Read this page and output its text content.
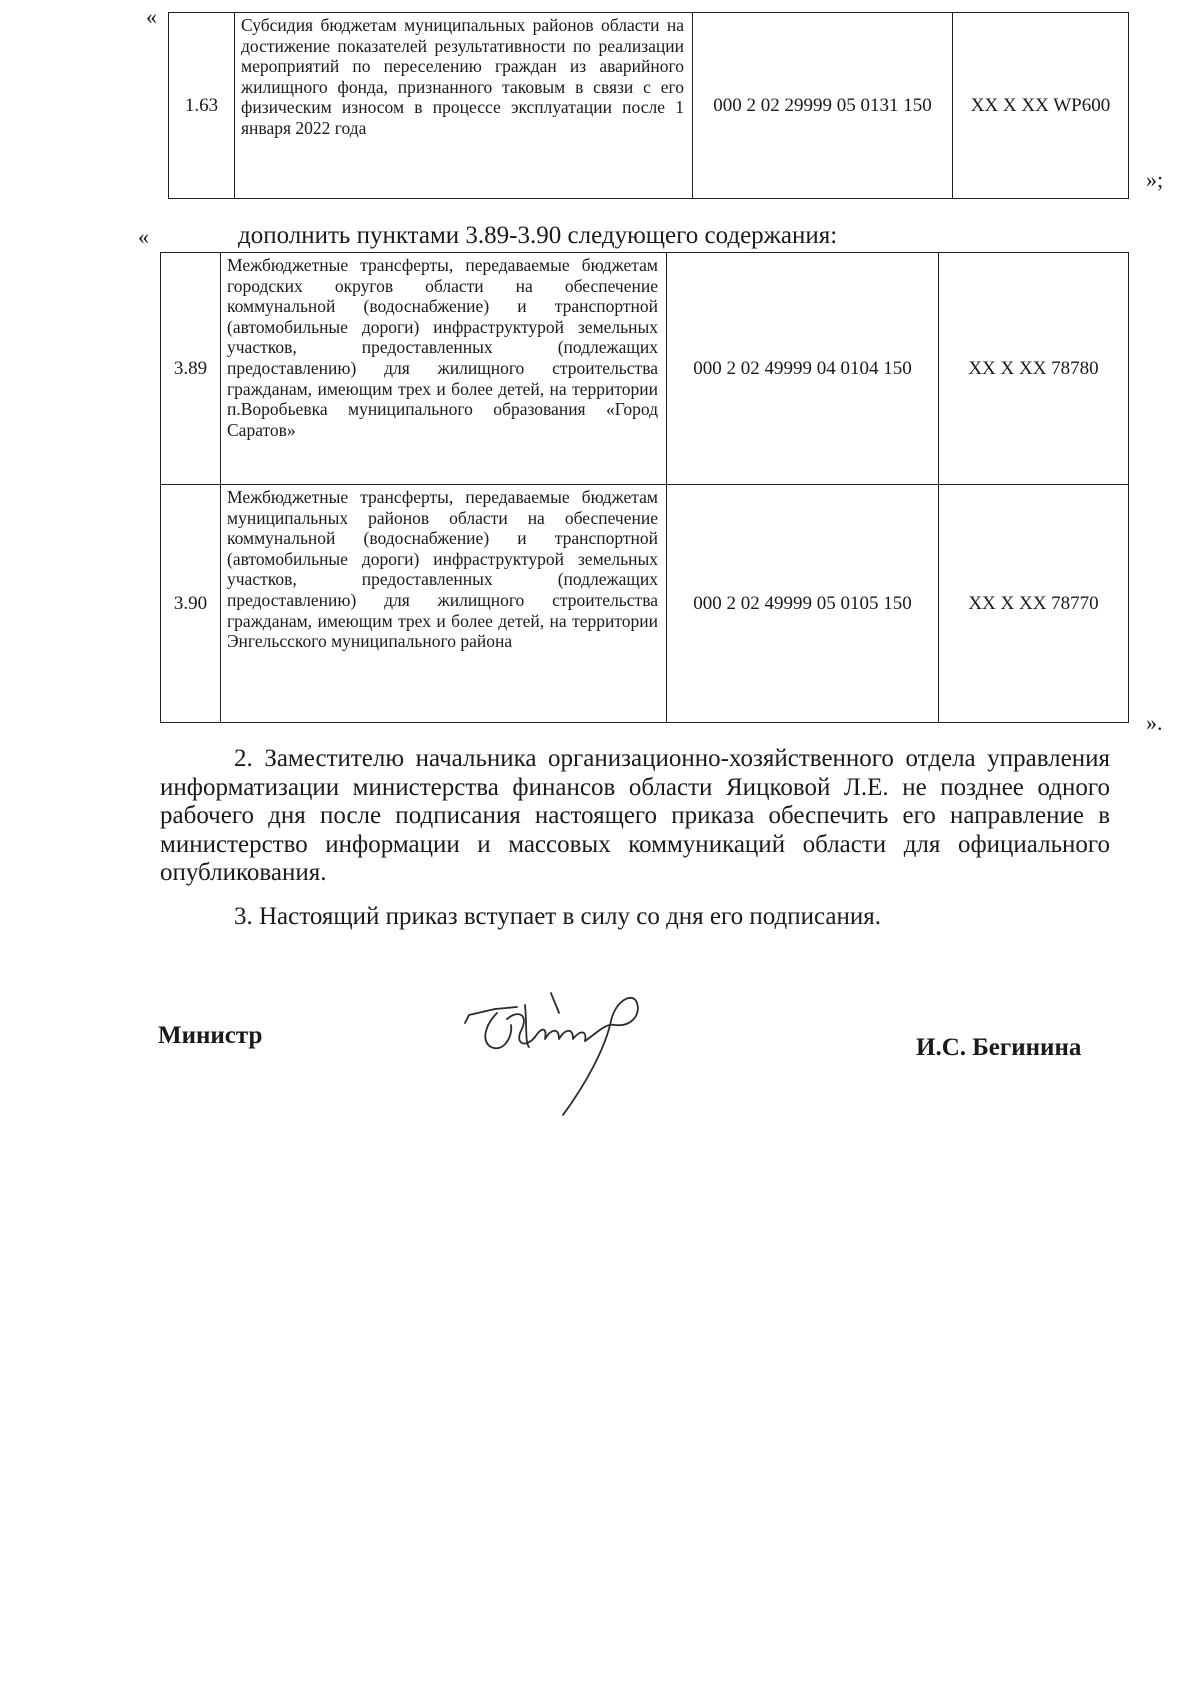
«
1.63	Субсидия бюджетам муниципальных районов области на достижение показателей результативности по реализации мероприятий по переселению граждан из аварийного жилищного фонда, признанного таковым в связи с его физическим износом в процессе эксплуатации после 1 января 2022 года	000 2 02 29999 05 0131 150	XX X XX WP600
»;
«	дополнить пунктами 3.89-3.90 следующего содержания:
3.89	Межбюджетные трансферты, передаваемые бюджетам городских округов области на обеспечение коммунальной (водоснабжение) и транспортной (автомобильные дороги) инфраструктурой земельных участков, предоставленных (подлежащих предоставлению) для жилищного строительства гражданам, имеющим трех и более детей, на территории п.Воробьевка муниципального образования «Город Саратов»	000 2 02 49999 04 0104 150	XX X XX 78780
3.90	Межбюджетные трансферты, передаваемые бюджетам муниципальных районов области на обеспечение коммунальной (водоснабжение) и транспортной (автомобильные дороги) инфраструктурой земельных участков, предоставленных (подлежащих предоставлению) для жилищного строительства гражданам, имеющим трех и более детей, на территории Энгельсского муниципального района	000 2 02 49999 05 0105 150	XX X XX 78770
».
2. Заместителю начальника организационно-хозяйственного отдела управления информатизации министерства финансов области Яицковой Л.Е. не позднее одного рабочего дня после подписания настоящего приказа обеспечить его направление в министерство информации и массовых коммуникаций области для официального опубликования.
3. Настоящий приказ вступает в силу со дня его подписания.
Министр	И.С. Бегинина
